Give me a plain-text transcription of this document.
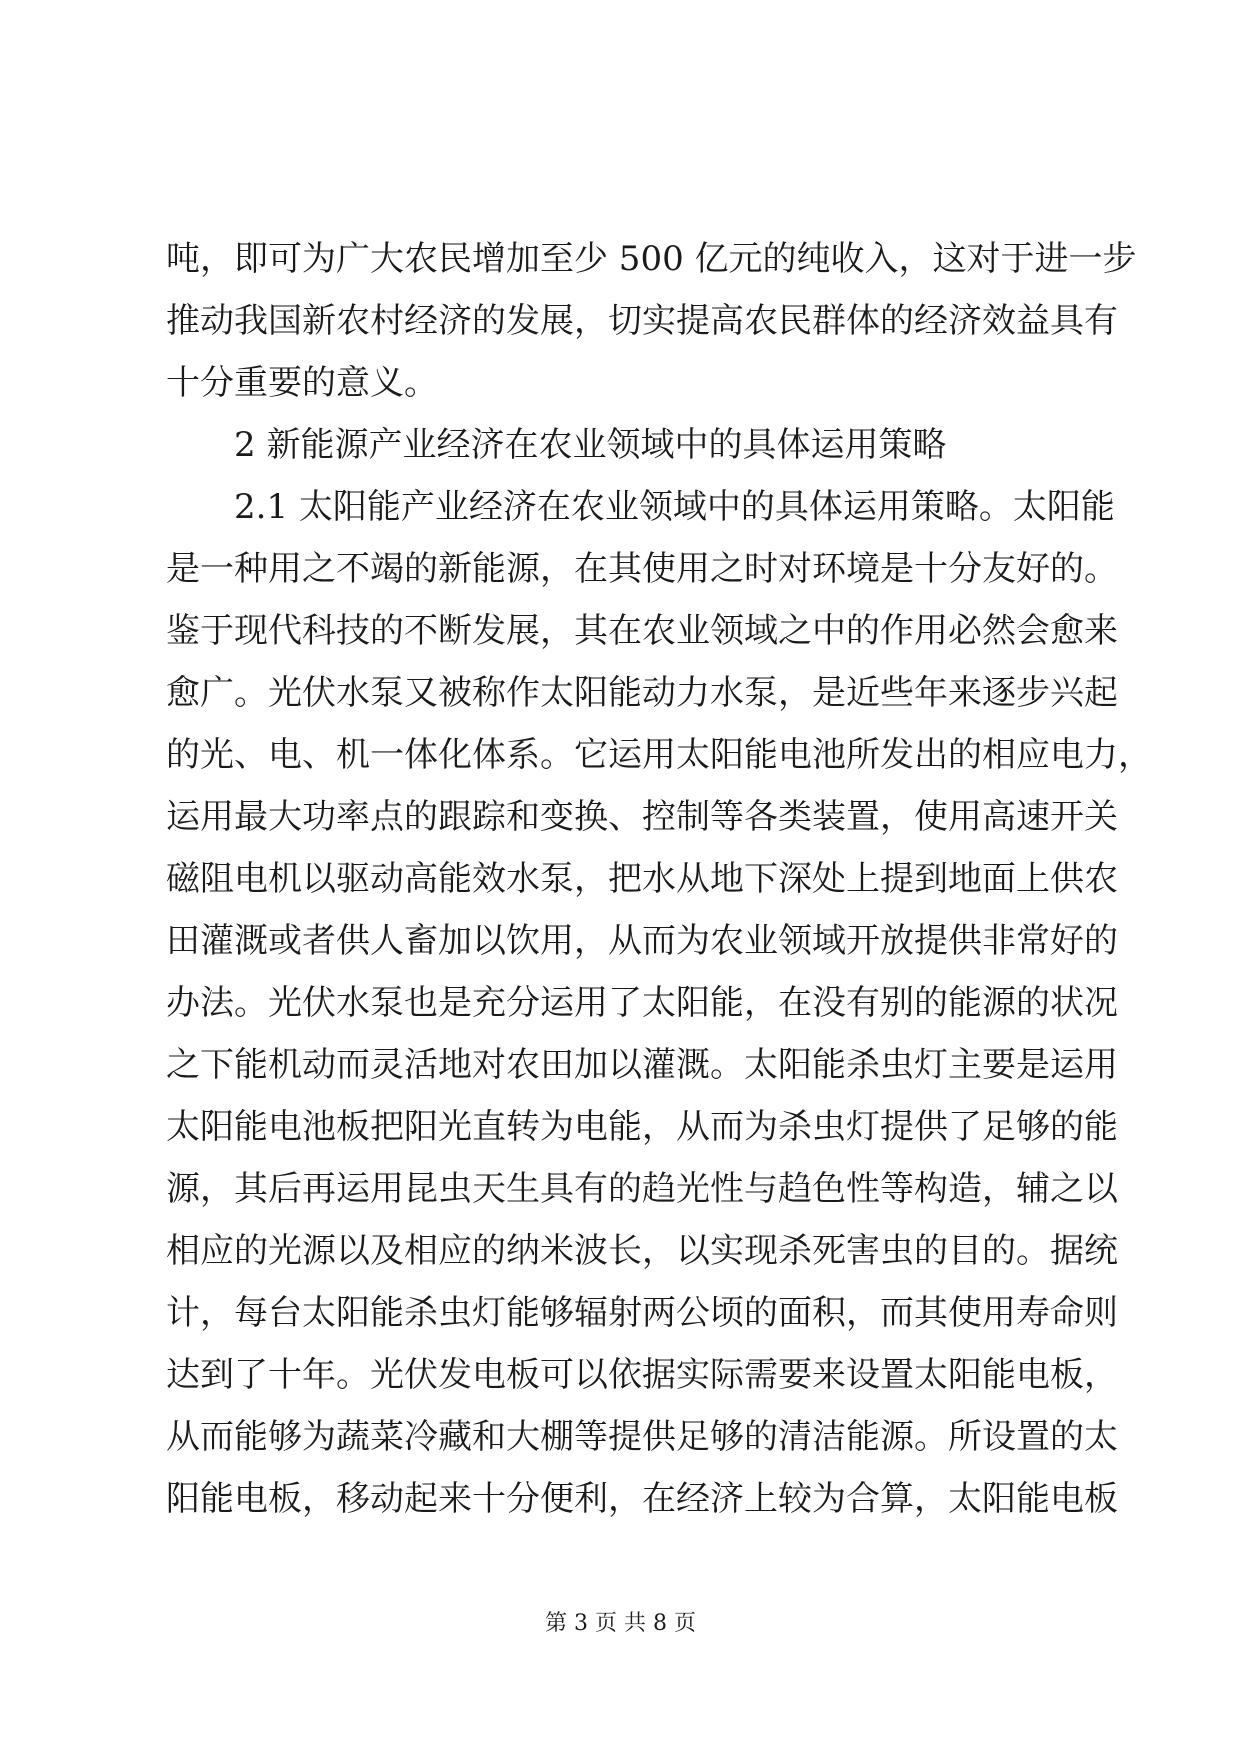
吨，即可为广大农民增加至少 500 亿元的纯收入，这对于进一步
推动我国新农村经济的发展，切实提高农民群体的经济效益具有
十分重要的意义。
2 新能源产业经济在农业领域中的具体运用策略
2.1 太阳能产业经济在农业领域中的具体运用策略。太阳能
是一种用之不竭的新能源，在其使用之时对环境是十分友好的。
鉴于现代科技的不断发展，其在农业领域之中的作用必然会愈来
愈广。光伏水泵又被称作太阳能动力水泵，是近些年来逐步兴起
的光、电、机一体化体系。它运用太阳能电池所发出的相应电力，
运用最大功率点的跟踪和变换、控制等各类装置，使用高速开关
磁阻电机以驱动高能效水泵，把水从地下深处上提到地面上供农
田灌溉或者供人畜加以饮用，从而为农业领域开放提供非常好的
办法。光伏水泵也是充分运用了太阳能，在没有别的能源的状况
之下能机动而灵活地对农田加以灌溉。太阳能杀虫灯主要是运用
太阳能电池板把阳光直转为电能，从而为杀虫灯提供了足够的能
源，其后再运用昆虫天生具有的趋光性与趋色性等构造，辅之以
相应的光源以及相应的纳米波长，以实现杀死害虫的目的。据统
计，每台太阳能杀虫灯能够辐射两公顷的面积，而其使用寿命则
达到了十年。光伏发电板可以依据实际需要来设置太阳能电板，
从而能够为蔬菜冷藏和大棚等提供足够的清洁能源。所设置的太
阳能电板，移动起来十分便利，在经济上较为合算，太阳能电板
第 3 页 共 8 页
